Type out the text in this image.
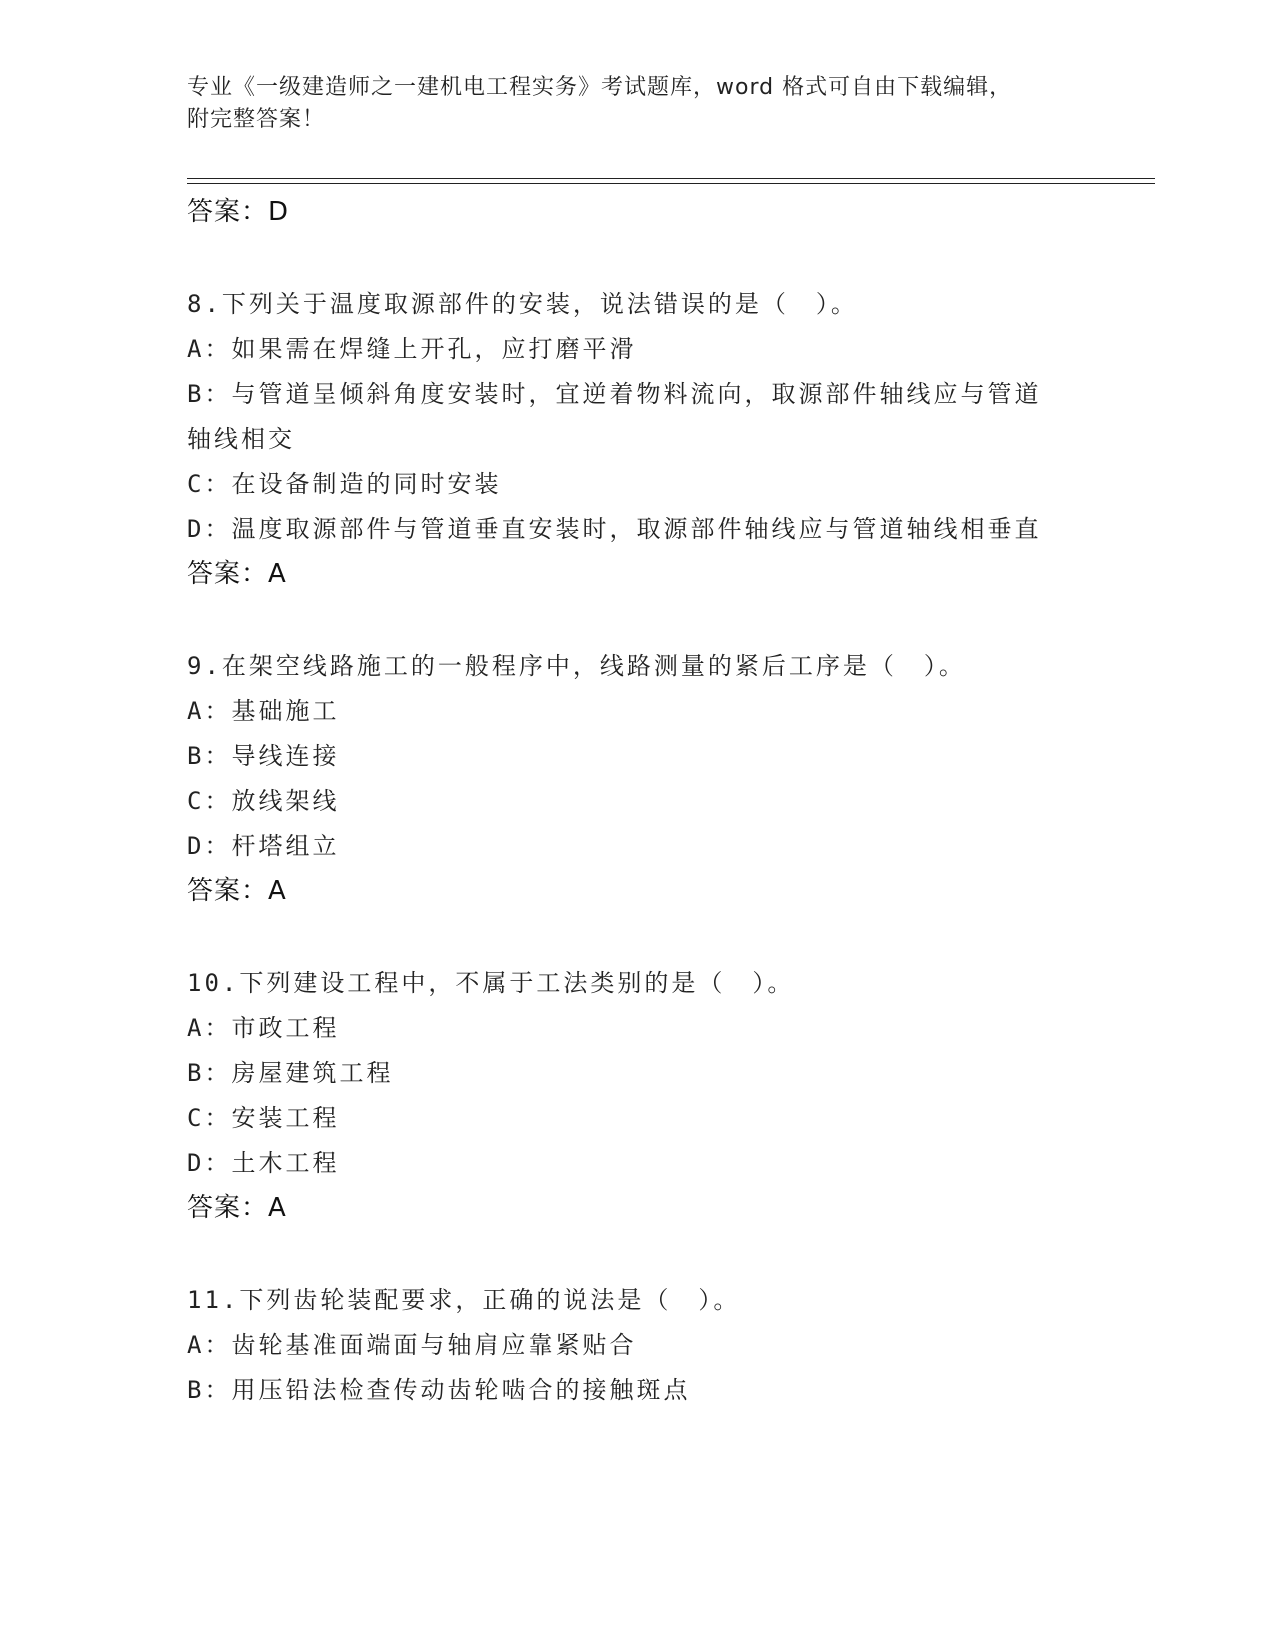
专业《一级建造师之一建机电工程实务》考试题库，word 格式可自由下载编辑，
附完整答案！
答案：D
8.下列关于温度取源部件的安装，说法错误的是（　）。
A：如果需在焊缝上开孔，应打磨平滑
B：与管道呈倾斜角度安装时，宜逆着物料流向，取源部件轴线应与管道轴线相交
C：在设备制造的同时安装
D：温度取源部件与管道垂直安装时，取源部件轴线应与管道轴线相垂直
答案：A
9.在架空线路施工的一般程序中，线路测量的紧后工序是（　）。
A：基础施工
B：导线连接
C：放线架线
D：杆塔组立
答案：A
10.下列建设工程中，不属于工法类别的是（　）。
A：市政工程
B：房屋建筑工程
C：安装工程
D：土木工程
答案：A
11.下列齿轮装配要求，正确的说法是（　）。
A：齿轮基准面端面与轴肩应靠紧贴合
B：用压铅法检查传动齿轮啮合的接触斑点
